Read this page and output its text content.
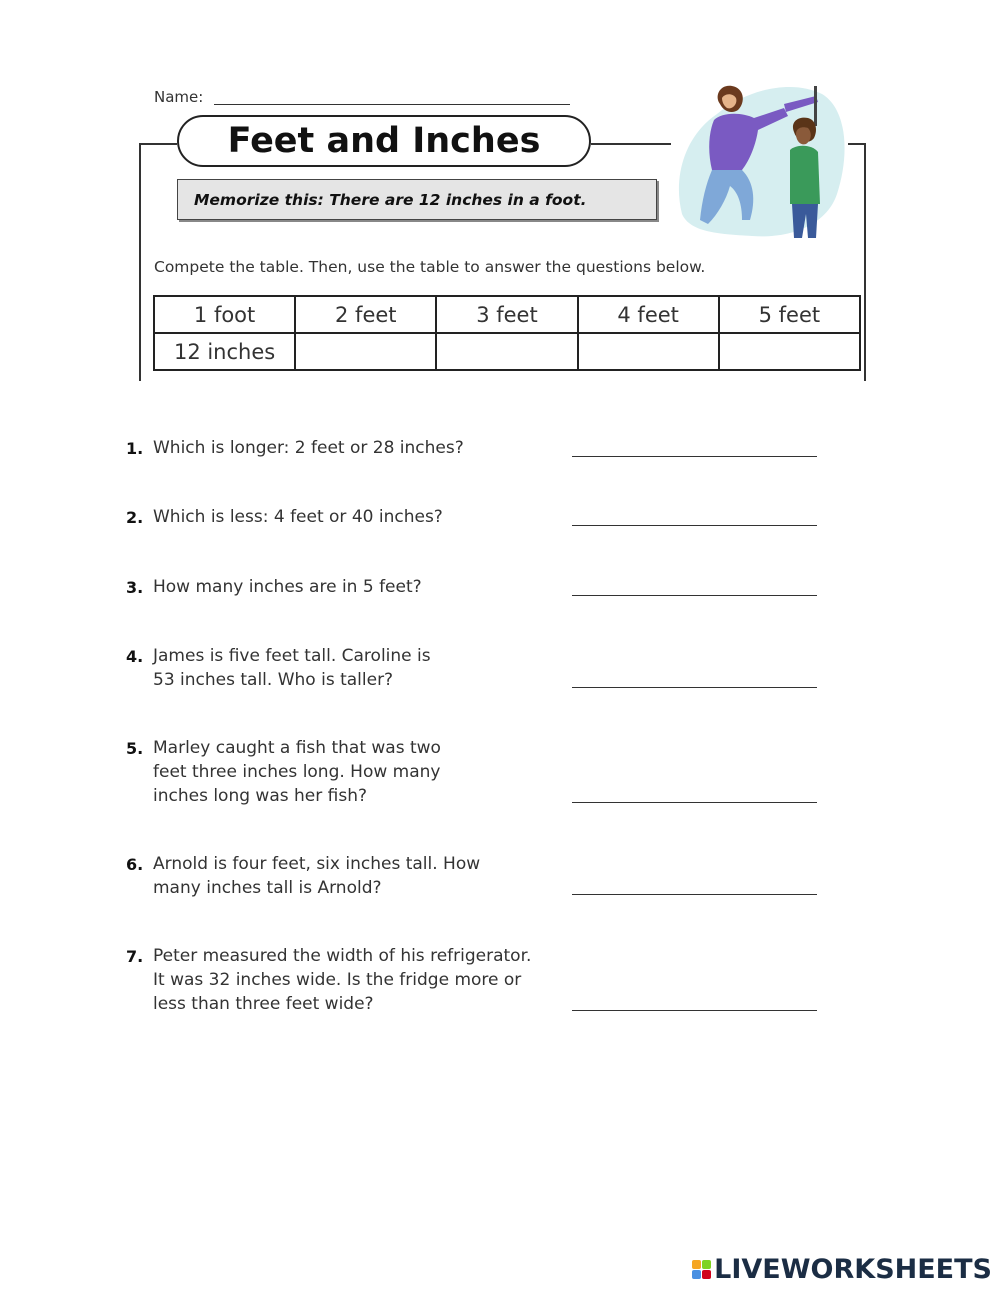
Name:
Feet and Inches
Memorize this: There are 12 inches in a foot.
Compete the table. Then, use the table to answer the questions below.
1 foot	2 feet	3 feet	4 feet	5 feet
12 inches				
1. Which is longer: 2 feet or 28 inches?
2. Which is less: 4 feet or 40 inches?
3. How many inches are in 5 feet?
4. James is five feet tall. Caroline is
53 inches tall. Who is taller?
5. Marley caught a fish that was two
feet three inches long. How many
inches long was her fish?
6. Arnold is four feet, six inches tall. How
many inches tall is Arnold?
7. Peter measured the width of his refrigerator.
It was 32 inches wide. Is the fridge more or
less than three feet wide?
LIVEWORKSHEETS
